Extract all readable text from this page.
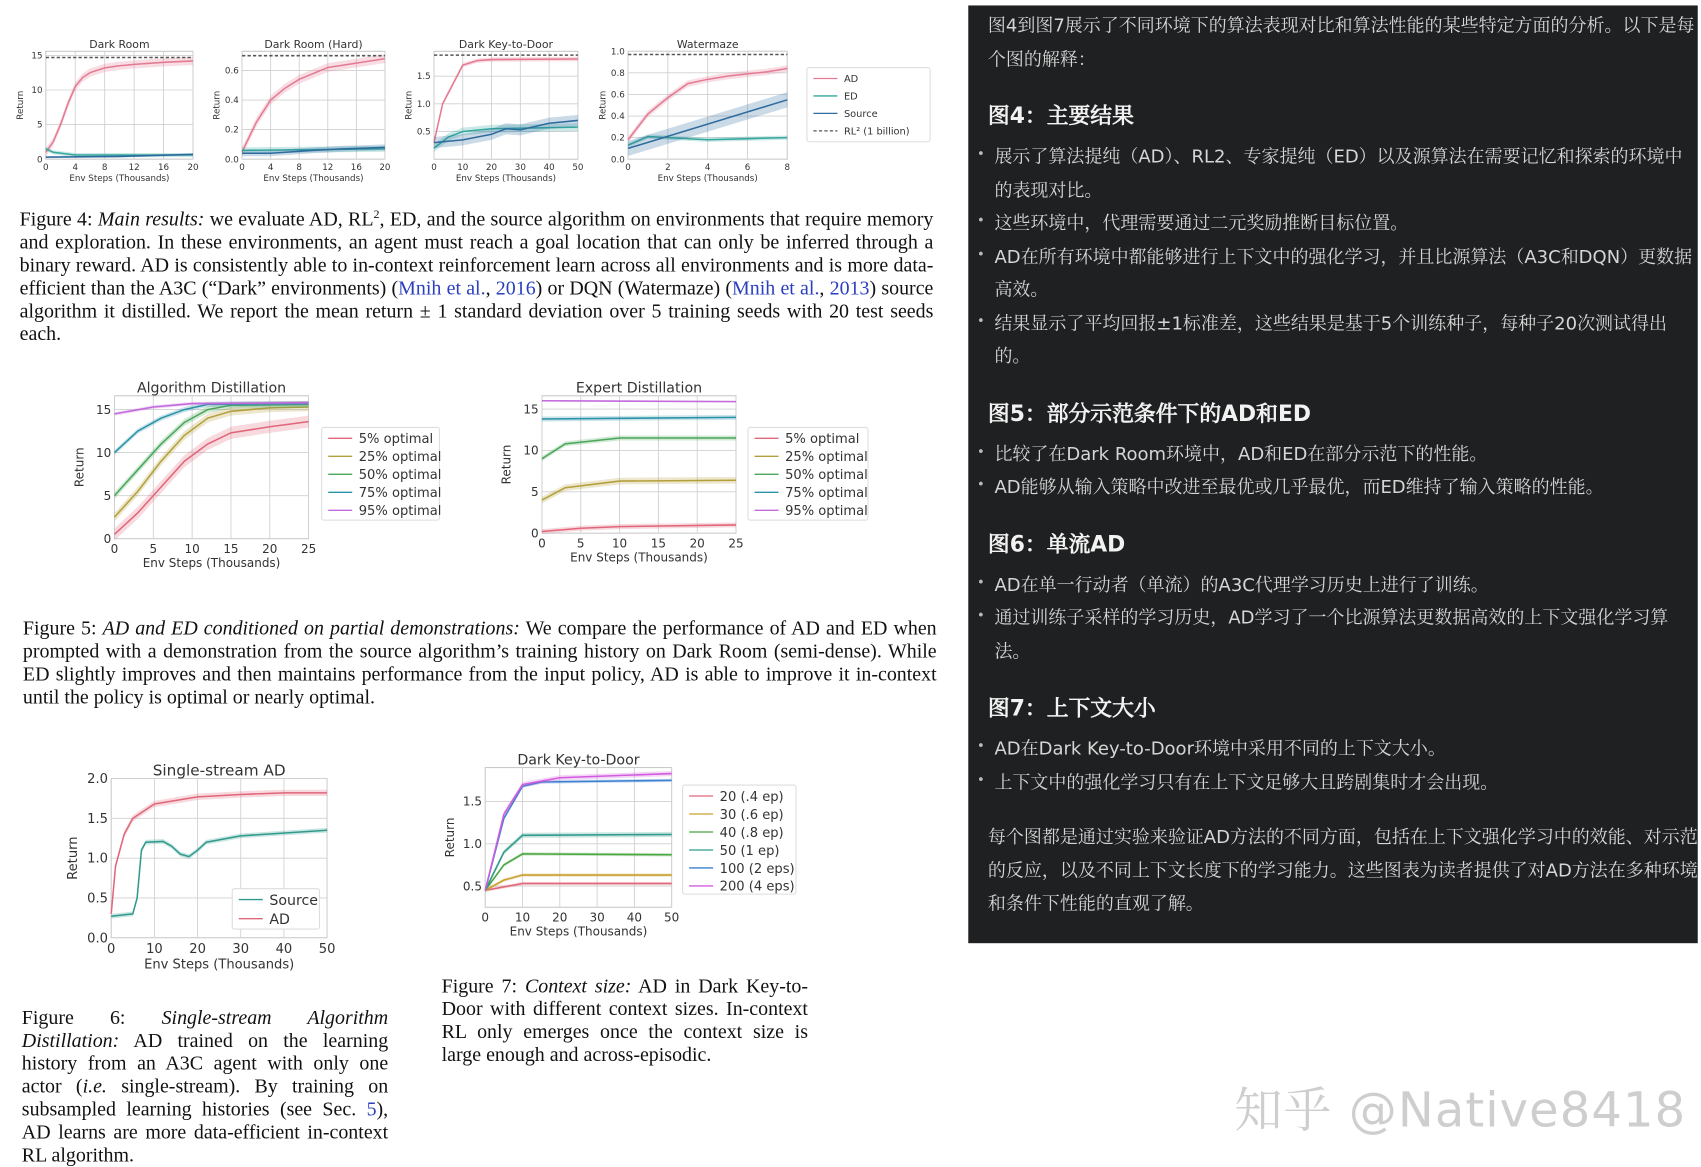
0	4	8	12 16 20
0
5
10
15
Dark Room
Env Steps (Thousands)
Return
0	4	8	12 16 20
0.0
0.2
0.4
0.6
Dark Room (Hard)
Env Steps (Thousands)
Return
0	10 20 30 40 50
0.5
1.0
1.5
Dark Key-to-Door
Env Steps (Thousands)
Return
0	2	4	6	8
0.0
0.2
0.4
0.6
0.8
1.0
Watermaze
Env Steps (Thousands)
Return
AD
ED
Source
RL² (1 billion)
0	5 10 15 20 25
0
5
10
15
Algorithm Distillation
Env Steps (Thousands)
Return
5% optimal
25% optimal
50% optimal
75% optimal
95% optimal
0	5 10 15 20 25
0
5
10
15
Expert Distillation
Env Steps (Thousands)
Return
5% optimal
25% optimal
50% optimal
75% optimal
95% optimal
0	10 20 30 40 50
0.0
0.5
1.0
1.5
2.0
Single-stream AD
Env Steps (Thousands)
Return
Source
AD	0 10 20 30 40 50
0.5
1.0
1.5
Dark Key-to-Door
Env Steps (Thousands)
Return
20 (.4 ep)
30 (.6 ep)
40 (.8 ep)
50 (1 ep)
100 (2 eps)
200 (4 eps)

Figure 4: Main results: we evaluate AD, $RL^2$, ED, and the source algorithm on environments that require memory and exploration. In these environments, an agent must reach a goal location that can only be inferred through a binary reward. AD is consistently able to in-context reinforcement learn across all environments and is more data-efficient than the A3C (“Dark” environments) (Mnih et al., 2016) or DQN (Watermaze) (Mnih et al., 2013) source algorithm it distilled. We report the mean return ± 1 standard deviation over 5 training seeds with 20 test seeds each.

Figure 5: AD and ED conditioned on partial demonstrations: We compare the performance of AD and ED when prompted with a demonstration from the source algorithm’s training history on Dark Room (semi-dense). While ED slightly improves and then maintains performance from the input policy, AD is able to improve it in-context until the policy is optimal or nearly optimal.

Figure 6: Single-stream Algorithm Distillation: AD trained on the learning history from an A3C agent with only one actor (i.e. single-stream). By training on subsampled learning histories (see Sec. 5), AD learns are more data-efficient in-context RL algorithm.

Figure 7: Context size: AD in Dark Key-to-Door with different context sizes. In-context RL only emerges once the context size is large enough and across-episodic.

图4到图7展示了不同环境下的算法表现对比和算法性能的某些特定方面的分析。以下是每个图的解释：

图4：主要结果
• 展示了算法提纯（AD）、RL2、专家提纯（ED）以及源算法在需要记忆和探索的环境中的表现对比。
• 这些环境中，代理需要通过二元奖励推断目标位置。
• AD在所有环境中都能够进行上下文中的强化学习，并且比源算法（A3C和DQN）更数据高效。
• 结果显示了平均回报±1标准差，这些结果是基于5个训练种子，每种子20次测试得出的。
图5：部分示范条件下的AD和ED
• 比较了在Dark Room环境中，AD和ED在部分示范下的性能。
• AD能够从输入策略中改进至最优或几乎最优，而ED维持了输入策略的性能。
图6：单流AD
• AD在单一行动者（单流）的A3C代理学习历史上进行了训练。
• 通过训练子采样的学习历史，AD学习了一个比源算法更数据高效的上下文强化学习算法。
图7：上下文大小
• AD在Dark Key-to-Door环境中采用不同的上下文大小。
• 上下文中的强化学习只有在上下文足够大且跨剧集时才会出现。

每个图都是通过实验来验证AD方法的不同方面，包括在上下文强化学习中的效能、对示范的反应，以及不同上下文长度下的学习能力。这些图表为读者提供了对AD方法在多种环境和条件下性能的直观了解。

知乎 @Native8418
